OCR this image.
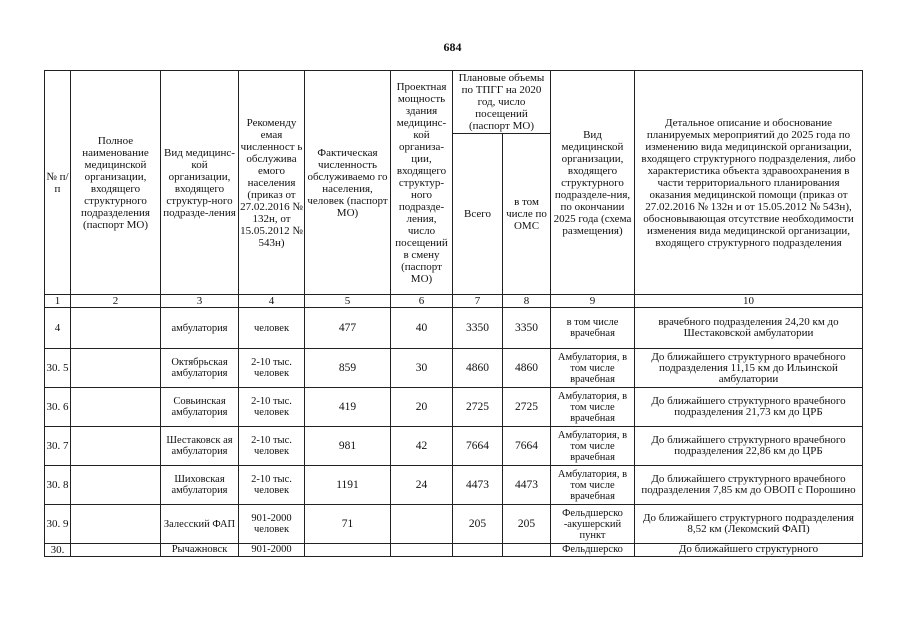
684
№ п/п	Полное наименование медицинской организации, входящего структурного подразделения (паспорт МО)	Вид медицинс-кой организации, входящего структур-ного подразде-ления	Рекоменду емая численност ь обслужива емого населения (приказ от 27.02.2016 № 132н, от 15.05.2012 № 543н)	Фактическая численность обслуживаемо го населения, человек (паспорт МО)	Проектная мощность здания медицинс-кой организа-ции, входящего структур-ного подразде-ления, число посещений в смену (паспорт МО)	Плановые объемы по ТПГГ на 2020 год, число посещений (паспорт МО)		Вид медицинской организации, входящего структурного подразделе-ния, по окончании 2025 года (схема размещения)	Детальное описание и обоснование планируемых мероприятий до 2025 года по изменению вида медицинской организации, входящего структурного подразделения, либо характеристика объекта здравоохранения в части территориального планирования оказания медицинской помощи (приказ от 27.02.2016 № 132н и от 15.05.2012 № 543н), обосновывающая отсутствие необходимости изменения вида медицинской организации, входящего структурного подразделения
						Всего	в том числе по ОМС		
1	2	3	4	5	6	7	8	9	10
4		амбулатория	человек	477	40	3350	3350	в том числе врачебная	врачебного подразделения 24,20 км до Шестаковской амбулатории
30. 5		Октябрьская амбулатория	2-10 тыс. человек	859	30	4860	4860	Амбулатория, в том числе врачебная	До ближайшего структурного врачебного подразделения 11,15 км до Ильинской амбулатории
30. 6		Совьинская амбулатория	2-10 тыс. человек	419	20	2725	2725	Амбулатория, в том числе врачебная	До ближайшего структурного врачебного подразделения 21,73 км до ЦРБ
30. 7		Шестаковск ая амбулатория	2-10 тыс. человек	981	42	7664	7664	Амбулатория, в том числе врачебная	До ближайшего структурного врачебного подразделения 22,86 км до ЦРБ
30. 8		Шиховская амбулатория	2-10 тыс. человек	1191	24	4473	4473	Амбулатория, в том числе врачебная	До ближайшего структурного врачебного подразделения 7,85 км до ОВОП с Порошино
30. 9		Залесский ФАП	901-2000 человек	71		205	205	Фельдшерско -акушерский пункт	До ближайшего структурного подразделения 8,52 км (Лекомский ФАП)
30.		Рычажновск	901-2000					Фельдшерско	До ближайшего структурного
